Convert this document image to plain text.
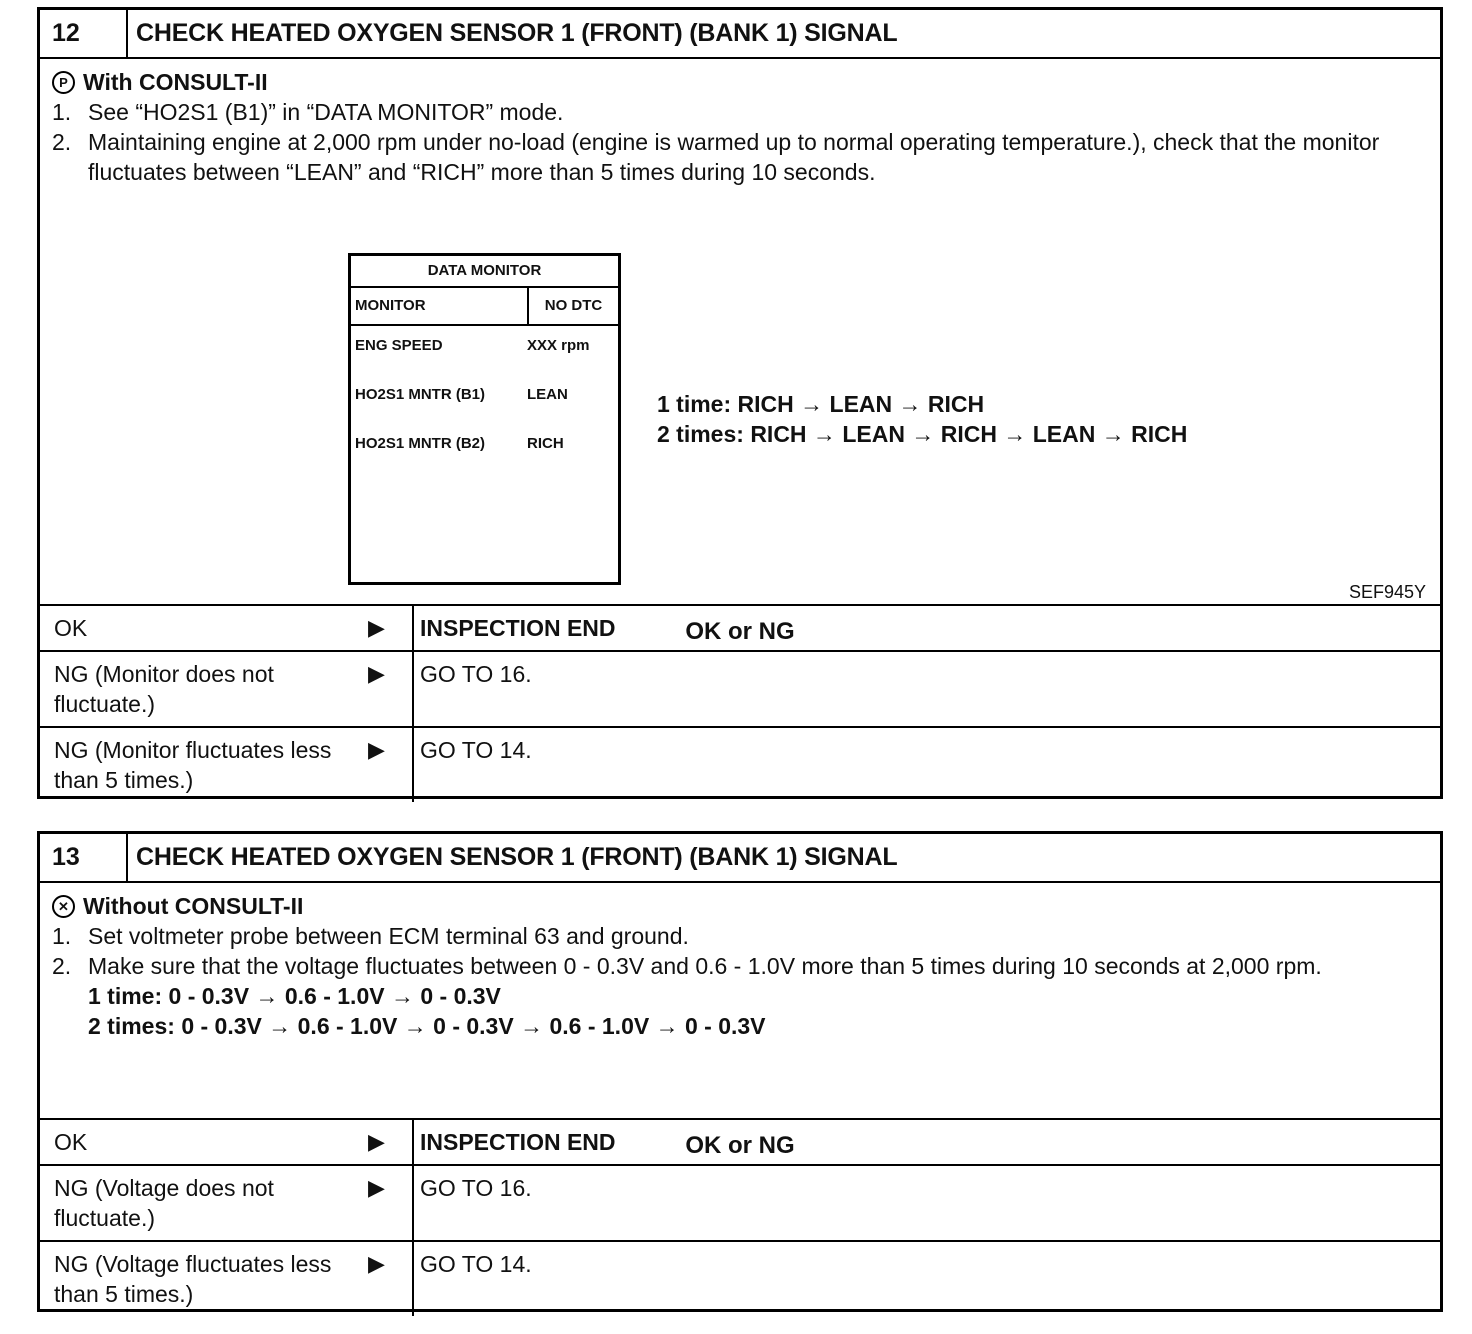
12	CHECK HEATED OXYGEN SENSOR 1 (FRONT) (BANK 1) SIGNAL
P With CONSULT-II
1. See “HO2S1 (B1)” in “DATA MONITOR” mode.
2. Maintaining engine at 2,000 rpm under no-load (engine is warmed up to normal operating temperature.), check that the monitor fluctuates between “LEAN” and “RICH” more than 5 times during 10 seconds.
DATA MONITOR
MONITOR	NO DTC
ENG SPEED	XXX rpm
HO2S1 MNTR (B1)	LEAN
HO2S1 MNTR (B2)	RICH
1 time: RICH → LEAN → RICH
2 times: RICH → LEAN → RICH → LEAN → RICH
SEF945Y
OK or NG
OK	▶	INSPECTION END
NG (Monitor does not fluctuate.)	▶	GO TO 16.
NG (Monitor fluctuates less than 5 times.)	▶	GO TO 14.
13	CHECK HEATED OXYGEN SENSOR 1 (FRONT) (BANK 1) SIGNAL
✕ Without CONSULT-II
1. Set voltmeter probe between ECM terminal 63 and ground.
2. Make sure that the voltage fluctuates between 0 - 0.3V and 0.6 - 1.0V more than 5 times during 10 seconds at 2,000 rpm.
1 time: 0 - 0.3V → 0.6 - 1.0V → 0 - 0.3V
2 times: 0 - 0.3V → 0.6 - 1.0V → 0 - 0.3V → 0.6 - 1.0V → 0 - 0.3V
OK or NG
OK	▶	INSPECTION END
NG (Voltage does not fluctuate.)	▶	GO TO 16.
NG (Voltage fluctuates less than 5 times.)	▶	GO TO 14.
